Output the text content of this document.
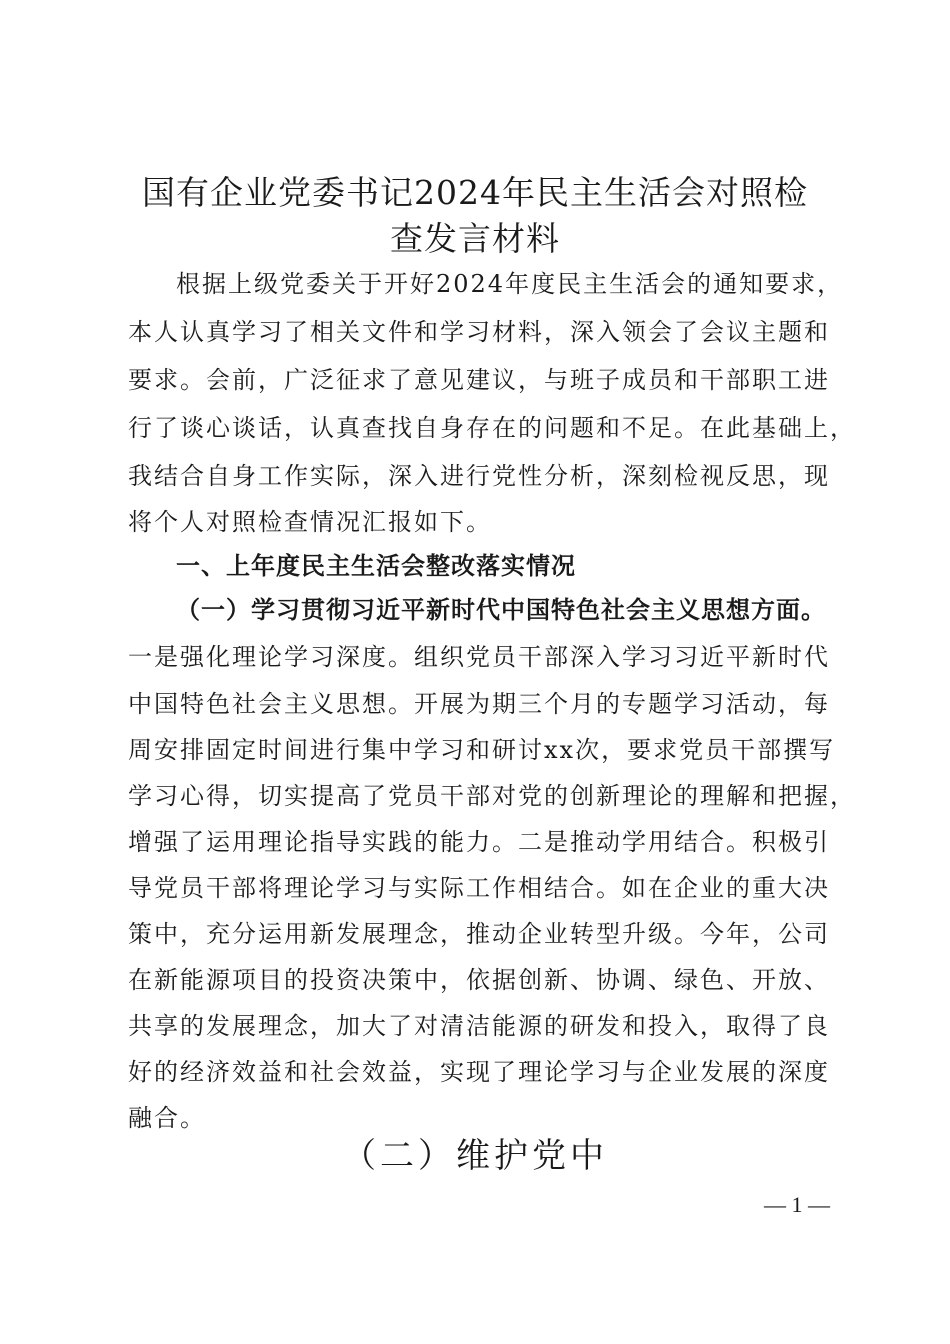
国有企业党委书记2024年民主生活会对照检
查发言材料

根据上级党委关于开好2024年度民主生活会的通知要求，

本人认真学习了相关文件和学习材料，深入领会了会议主题和

要求。会前，广泛征求了意见建议，与班子成员和干部职工进

行了谈心谈话，认真查找自身存在的问题和不足。在此基础上，

我结合自身工作实际，深入进行党性分析，深刻检视反思，现

将个人对照检查情况汇报如下。

一、上年度民主生活会整改落实情况

（一）学习贯彻习近平新时代中国特色社会主义思想方面。

一是强化理论学习深度。组织党员干部深入学习习近平新时代

中国特色社会主义思想。开展为期三个月的专题学习活动，每

周安排固定时间进行集中学习和研讨xx次，要求党员干部撰写

学习心得，切实提高了党员干部对党的创新理论的理解和把握，

增强了运用理论指导实践的能力。二是推动学用结合。积极引

导党员干部将理论学习与实际工作相结合。如在企业的重大决

策中，充分运用新发展理念，推动企业转型升级。今年，公司

在新能源项目的投资决策中，依据创新、协调、绿色、开放、

共享的发展理念，加大了对清洁能源的研发和投入，取得了良

好的经济效益和社会效益，实现了理论学习与企业发展的深度

融合。

（二）维护党中

— 1 —
